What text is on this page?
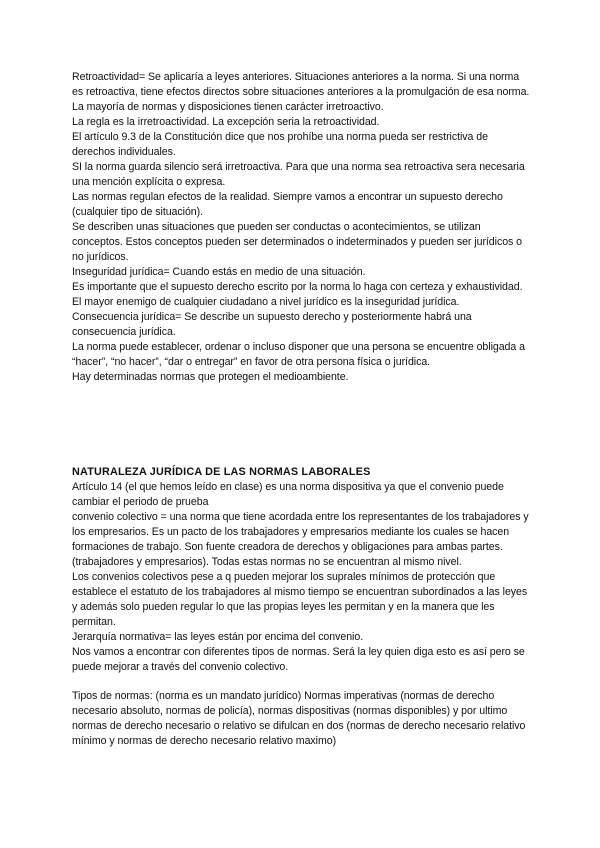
Retroactividad= Se aplicaría a leyes anteriores. Situaciones anteriores a la norma. Si una norma es retroactiva, tiene efectos directos sobre situaciones anteriores a la promulgación de esa norma.

La mayoría de normas y disposiciones tienen carácter irretroactivo.

La regla es la irretroactividad. La excepción seria la retroactividad.

El artículo 9.3 de la Constitución dice que nos prohíbe una norma pueda ser restrictiva de derechos individuales.

SI la norma guarda silencio será irretroactiva. Para que una norma sea retroactiva sera necesaria una mención explícita o expresa.

Las normas regulan efectos de la realidad. Siempre vamos a encontrar un supuesto derecho (cualquier tipo de situación).

Se describen unas situaciones que pueden ser conductas o acontecimientos, se utilizan conceptos. Estos conceptos pueden ser determinados o indeterminados y pueden ser jurídicos o no jurídicos.

Inseguridad jurídica= Cuando estás en medio de una situación.

Es importante que el supuesto derecho escrito por la norma lo haga con certeza y exhaustividad.

El mayor enemigo de cualquier ciudadano a nivel jurídico es la inseguridad jurídica.

Consecuencia jurídica= Se describe un supuesto derecho y posteriormente habrá una consecuencia jurídica.

La norma puede establecer, ordenar o incluso disponer que una persona se encuentre obligada a “hacer”, “no hacer”, “dar o entregar” en favor de otra persona física o jurídica.

Hay determinadas normas que protegen el medioambiente.

NATURALEZA JURÍDICA DE LAS NORMAS LABORALES

Artículo 14 (el que hemos leído en clase) es una norma dispositiva ya que el convenio puede cambiar el periodo de prueba

convenio colectivo = una norma que tiene acordada entre los representantes de los trabajadores y los empresarios. Es un pacto de los trabajadores y empresarios mediante los cuales se hacen formaciones de trabajo. Son fuente creadora de derechos y obligaciones para ambas partes. (trabajadores y empresarios). Todas estas normas no se encuentran al mismo nivel.

Los convenios colectivos pese a q pueden mejorar los suprales mínimos de protección que establece el estatuto de los trabajadores al mismo tiempo se encuentran subordinados a las leyes y además solo pueden regular lo que las propias leyes les permitan y en la manera que les permitan.

Jerarquía normativa= las leyes están por encima del convenio.

Nos vamos a encontrar con diferentes tipos de normas. Será la ley quien diga esto es así pero se puede mejorar a través del convenio colectivo.

Tipos de normas: (norma es un mandato jurídico) Normas imperativas (normas de derecho necesario absoluto, normas de policía), normas dispositivas (normas disponibles) y por ultimo normas de derecho necesario o relativo se difulcan en dos (normas de derecho necesario relativo mínimo y normas de derecho necesario relativo maximo)
